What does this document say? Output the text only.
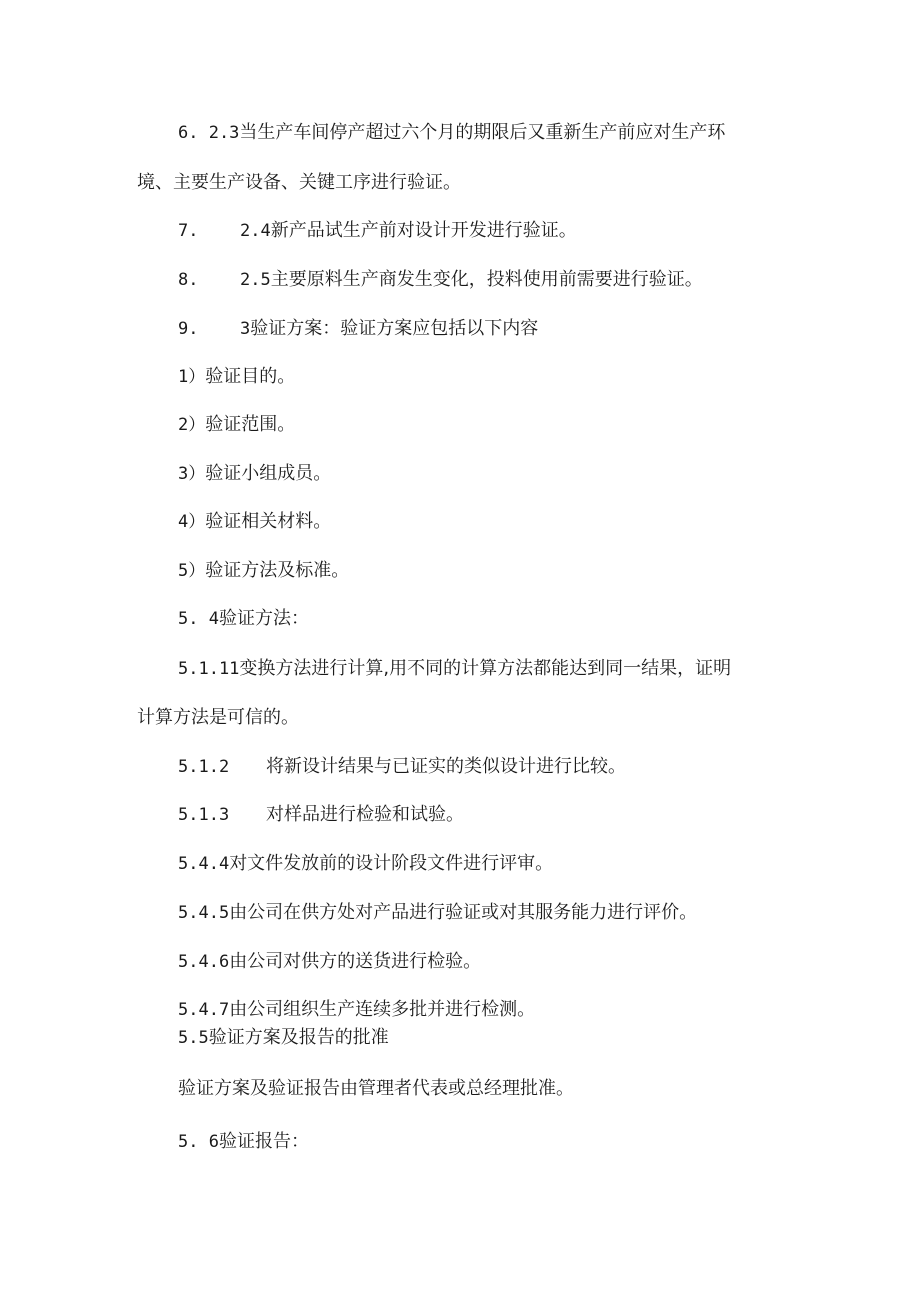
6. 2.3当生产车间停产超过六个月的期限后又重新生产前应对生产环
境、主要生产设备、关键工序进行验证。
7. 2.4新产品试生产前对设计开发进行验证。
8. 2.5主要原料生产商发生变化，投料使用前需要进行验证。
9. 3验证方案：验证方案应包括以下内容
1）验证目的。
2）验证范围。
3）验证小组成员。
4）验证相关材料。
5）验证方法及标准。
5. 4验证方法：
5.1.11变换方法进行计算,用不同的计算方法都能达到同一结果，证明
计算方法是可信的。
5.1.2 将新设计结果与已证实的类似设计进行比较。
5.1.3 对样品进行检验和试验。
5.4.4对文件发放前的设计阶段文件进行评审。
5.4.5由公司在供方处对产品进行验证或对其服务能力进行评价。
5.4.6由公司对供方的送货进行检验。
5.4.7由公司组织生产连续多批并进行检测。
5.5验证方案及报告的批准
验证方案及验证报告由管理者代表或总经理批准。
5. 6验证报告：
